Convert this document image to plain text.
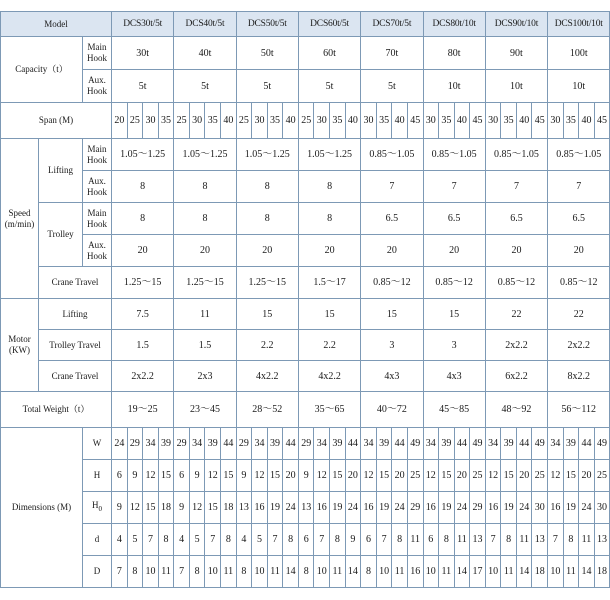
Model			DCS30t/5t				DCS40t/5t				DCS50t/5t				DCS60t/5t				DCS70t/5t				DCS80t/10t				DCS90t/10t				DCS100t/10t			
Capacity（t）		Main Hook	30t				40t				50t				60t				70t				80t				90t				100t			
		Aux. Hook	5t				5t				5t				5t				5t				10t				10t				10t			
Span (M)			20	25	30	35	25	30	35	40	25	30	35	40	25	30	35	40	30	35	40	45	30	35	40	45	30	35	40	45	30	35	40	45
Speed (m/min)	Lifting	Main Hook	1.05～1.25				1.05～1.25				1.05～1.25				1.05～1.25				0.85～1.05				0.85～1.05				0.85～1.05				0.85～1.05			
		Aux. Hook	8				8				8				8				7				7				7				7			
	Trolley	Main Hook	8				8				8				8				6.5				6.5				6.5				6.5			
		Aux. Hook	20				20				20				20				20				20				20				20			
	Crane Travel		1.25～15				1.25～15				1.25～15				1.5～17				0.85～12				0.85～12				0.85～12				0.85～12			
Motor (KW)	Lifting		7.5				11				15				15				15				15				22				22			
	Trolley Travel		1.5				1.5				2.2				2.2				3				3				2x2.2				2x2.2			
	Crane Travel		2x2.2				2x3				4x2.2				4x2.2				4x3				4x3				6x2.2				8x2.2			
Total Weight（t）			19～25				23～45				28～52				35～65				40～72				45～85				48～92				56～112			
Dimensions (M)		W	24	29	34	39	29	34	39	44	29	34	39	44	29	34	39	44	34	39	44	49	34	39	44	49	34	39	44	49	34	39	44	49
		H	6	9	12	15	6	9	12	15	9	12	15	20	9	12	15	20	12	15	20	25	12	15	20	25	12	15	20	25	12	15	20	25
		$H_0$	9	12	15	18	9	12	15	18	13	16	19	24	13	16	19	24	16	19	24	29	16	19	24	29	16	19	24	30	16	19	24	30
		d	4	5	7	8	4	5	7	8	4	5	7	8	6	7	8	9	6	7	8	11	6	8	11	13	7	8	11	13	7	8	11	13
		D	7	8	10	11	7	8	10	11	8	10	11	14	8	10	11	14	8	10	11	16	10	11	14	17	10	11	14	18	10	11	14	18
